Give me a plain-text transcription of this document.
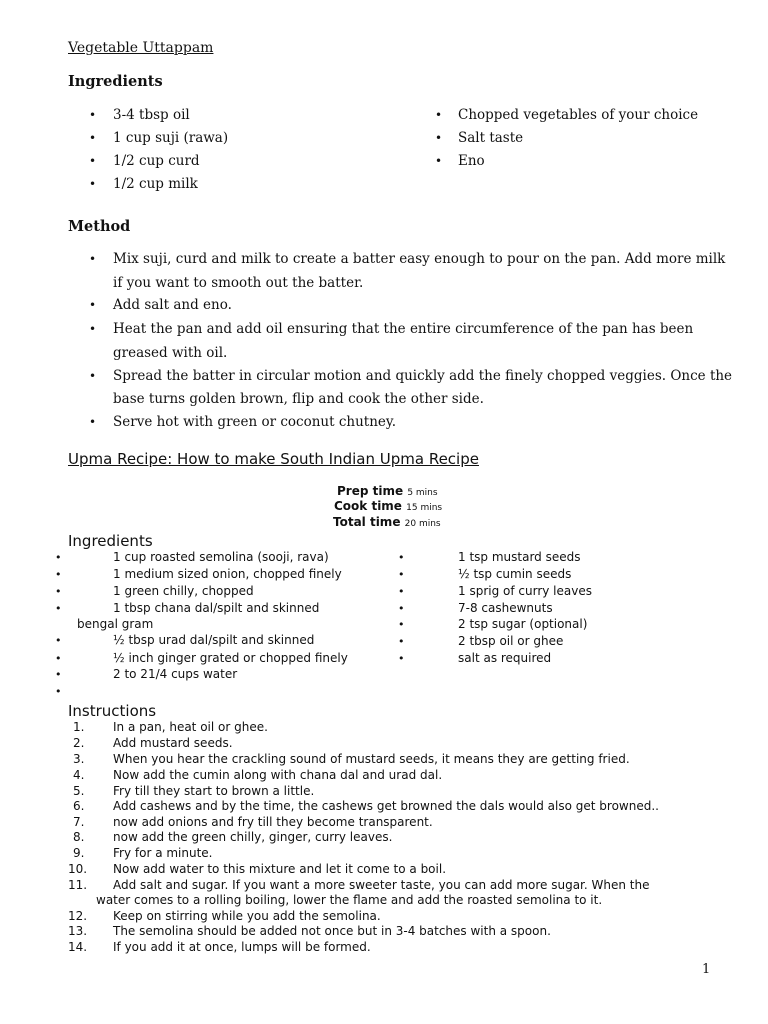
Vegetable Uttappam
Ingredients
• 3-4 tbsp oil
• 1 cup suji (rawa)
• 1/2 cup curd
• 1/2 cup milk
• Chopped vegetables of your choice
• Salt taste
• Eno
Method
• Mix suji, curd and milk to create a batter easy enough to pour on the pan. Add more milk
if you want to smooth out the batter.
• Add salt and eno.
• Heat the pan and add oil ensuring that the entire circumference of the pan has been
greased with oil.
• Spread the batter in circular motion and quickly add the finely chopped veggies. Once the
base turns golden brown, flip and cook the other side.
• Serve hot with green or coconut chutney.
Upma Recipe: How to make South Indian Upma Recipe
Prep time 5 mins
Cook time 15 mins
Total time 20 mins
Ingredients
•	1 cup roasted semolina (sooji, rava)
•	1 medium sized onion, chopped finely
•	1 green chilly, chopped
•	1 tbsp chana dal/spilt and skinned
bengal gram
•	½ tbsp urad dal/spilt and skinned
•	½ inch ginger grated or chopped finely
•	2 to 21/4 cups water
•
•	1 tsp mustard seeds
•	½ tsp cumin seeds
•	1 sprig of curry leaves
•	7-8 cashewnuts
•	2 tsp sugar (optional)
•	2 tbsp oil or ghee
•	salt as required
Instructions
1. In a pan, heat oil or ghee.
2. Add mustard seeds.
3. When you hear the crackling sound of mustard seeds, it means they are getting fried.
4. Now add the cumin along with chana dal and urad dal.
5. Fry till they start to brown a little.
6. Add cashews and by the time, the cashews get browned the dals would also get browned..
7. now add onions and fry till they become transparent.
8. now add the green chilly, ginger, curry leaves.
9. Fry for a minute.
10. Now add water to this mixture and let it come to a boil.
11. Add salt and sugar. If you want a more sweeter taste, you can add more sugar. When the
water comes to a rolling boiling, lower the flame and add the roasted semolina to it.
12. Keep on stirring while you add the semolina.
13. The semolina should be added not once but in 3-4 batches with a spoon.
14. If you add it at once, lumps will be formed.
1
